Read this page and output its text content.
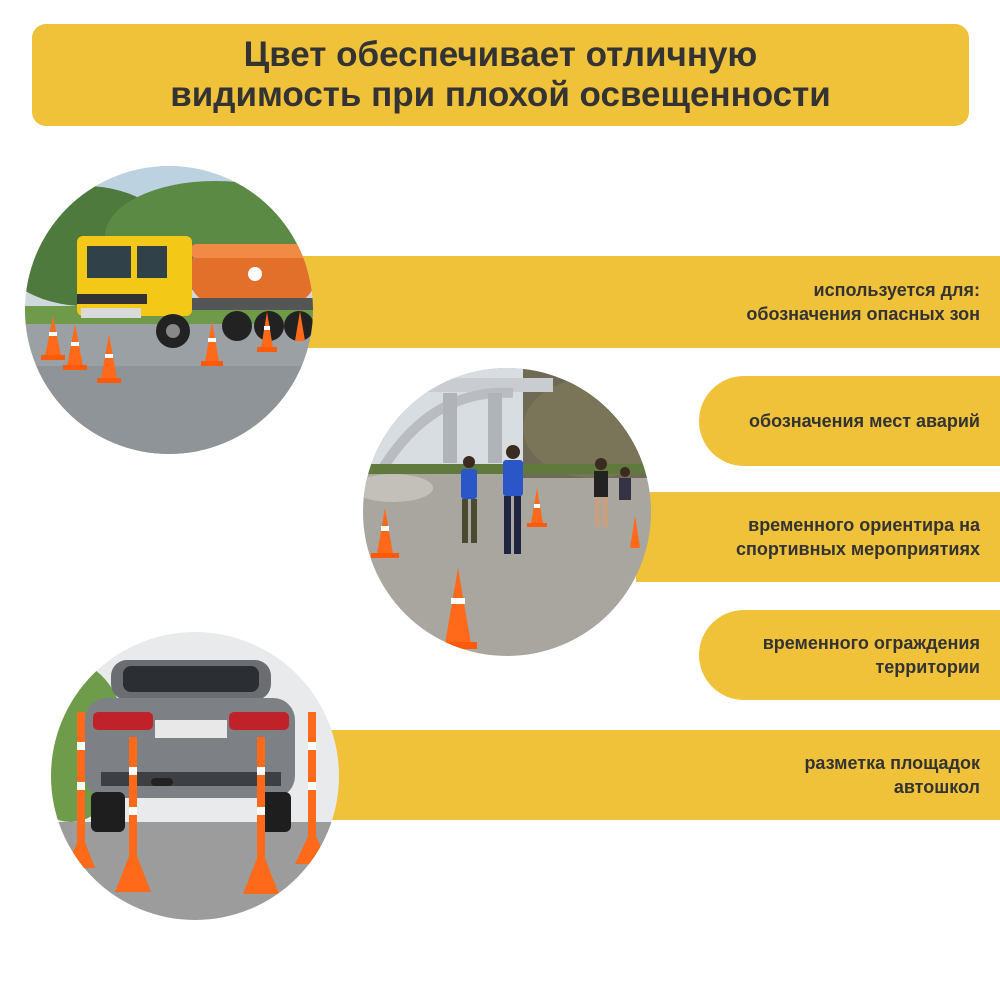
Цвет обеспечивает отличную
видимость при плохой освещенности
используется для:
обозначения опасных зон
обозначения мест аварий
временного ориентира на
спортивных мероприятиях
временного ограждения
территории
разметка площадок
автошкол
